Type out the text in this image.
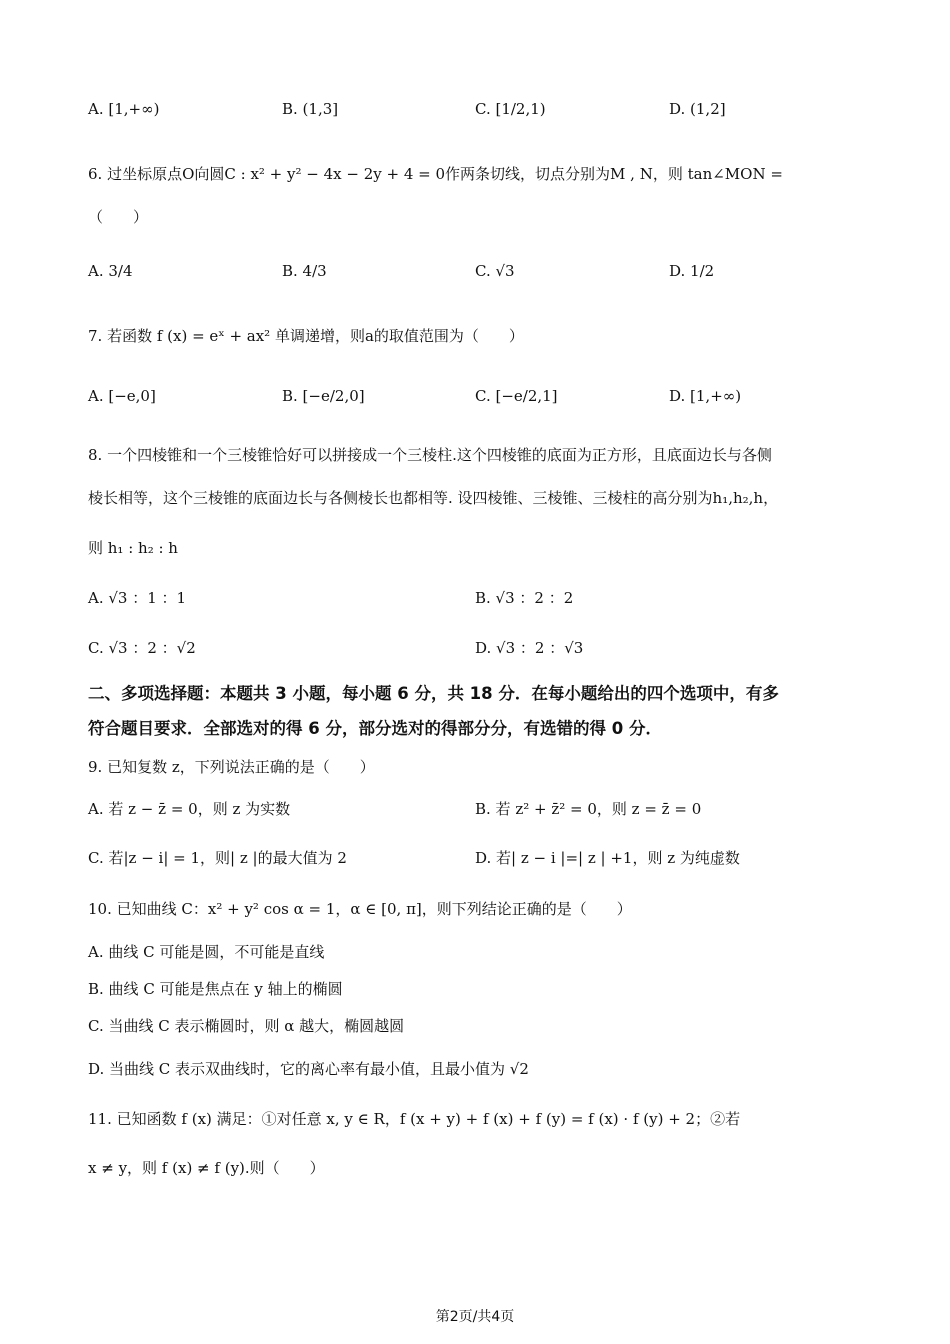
A. [1,+∞)	B. (1,3]	C. [1/2,1)	D. (1,2]
6. 过坐标原点O向圆C : x² + y² − 4x − 2y + 4 = 0作两条切线，切点分别为M , N，则 tan∠MON =
（　　）
A. 3/4	B. 4/3	C. √3	D. 1/2
7. 若函数 f (x) = eˣ + ax² 单调递增，则a的取值范围为（　　）
A. [−e,0]	B. [−e/2,0]	C. [−e/2,1]	D. [1,+∞)
8. 一个四棱锥和一个三棱锥恰好可以拼接成一个三棱柱.这个四棱锥的底面为正方形，且底面边长与各侧
棱长相等，这个三棱锥的底面边长与各侧棱长也都相等. 设四棱锥、三棱锥、三棱柱的高分别为h₁,h₂,h，
则 h₁ : h₂ : h
A. √3 ：1 ：1	B. √3 ：2 ：2
C. √3 ：2 ：√2	D. √3 ：2 ：√3
二、多项选择题：本题共 3 小题，每小题 6 分，共 18 分．在每小题给出的四个选项中，有多
符合题目要求．全部选对的得 6 分，部分选对的得部分分，有选错的得 0 分．
9. 已知复数 z，下列说法正确的是（　　）
A. 若 z − z̄ = 0，则 z 为实数	B. 若 z² + z̄² = 0，则 z = z̄ = 0
C. 若|z − i| = 1，则| z |的最大值为 2	D. 若| z − i |=| z | +1，则 z 为纯虚数
10. 已知曲线 C：x² + y² cos α = 1，α ∈ [0, π]，则下列结论正确的是（　　）
A. 曲线 C 可能是圆，不可能是直线
B. 曲线 C 可能是焦点在 y 轴上的椭圆
C. 当曲线 C 表示椭圆时，则 α 越大，椭圆越圆
D. 当曲线 C 表示双曲线时，它的离心率有最小值，且最小值为 √2
11. 已知函数 f (x) 满足：①对任意 x, y ∈ R，f (x + y) + f (x) + f (y) = f (x) · f (y) + 2；②若
x ≠ y，则 f (x) ≠ f (y).则（　　）
第2页/共4页
